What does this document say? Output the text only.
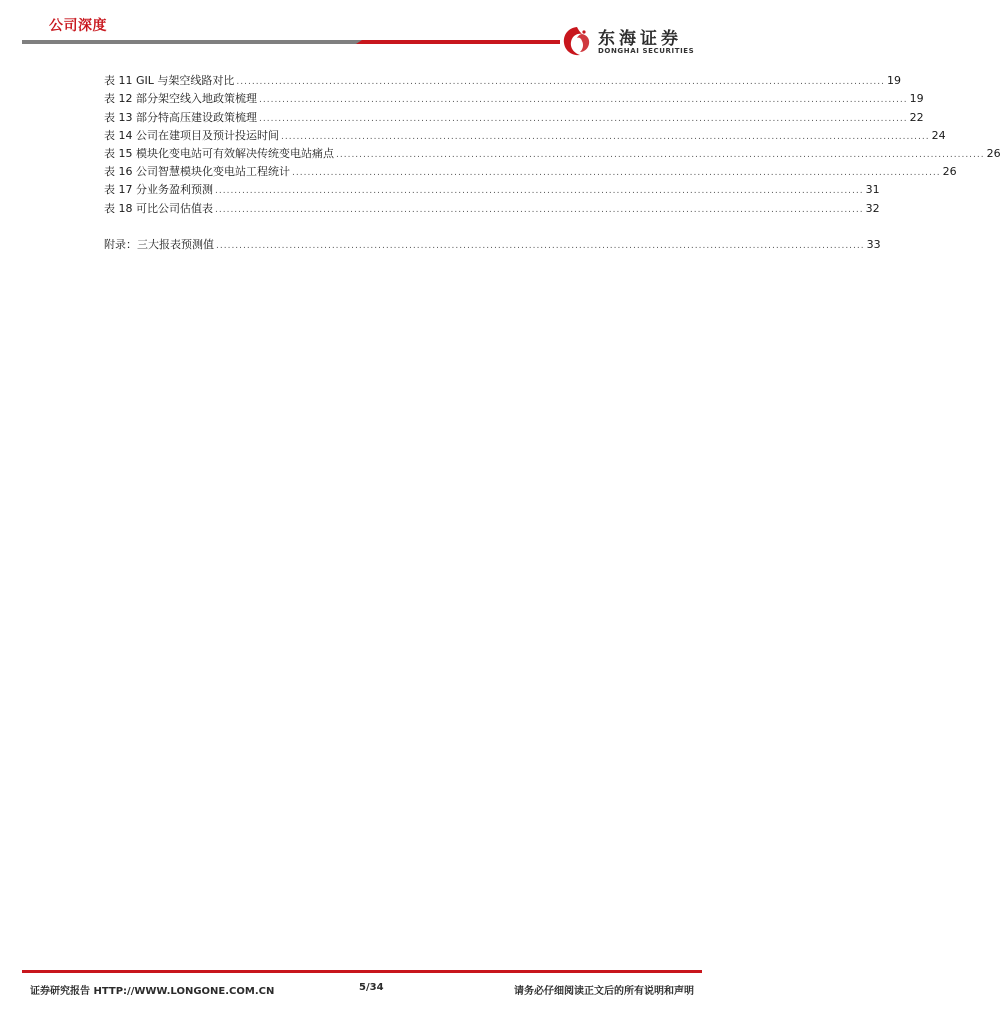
公司深度
东海证券
DONGHAI SECURITIES
表 11 GIL 与架空线路对比 ........................................................................................................................................................................ 19
表 12 部分架空线入地政策梳理 ........................................................................................................................................................................ 19
表 13 部分特高压建设政策梳理 ........................................................................................................................................................................ 22
表 14 公司在建项目及预计投运时间 ........................................................................................................................................................................ 24
表 15 模块化变电站可有效解决传统变电站痛点 ........................................................................................................................................................................ 26
表 16 公司智慧模块化变电站工程统计 ........................................................................................................................................................................ 26
表 17 分业务盈利预测 ........................................................................................................................................................................ 31
表 18 可比公司估值表 ........................................................................................................................................................................ 32
附录：三大报表预测值 ........................................................................................................................................................................ 33
证券研究报告 HTTP://WWW.LONGONE.COM.CN	5/34	请务必仔细阅读正文后的所有说明和声明
